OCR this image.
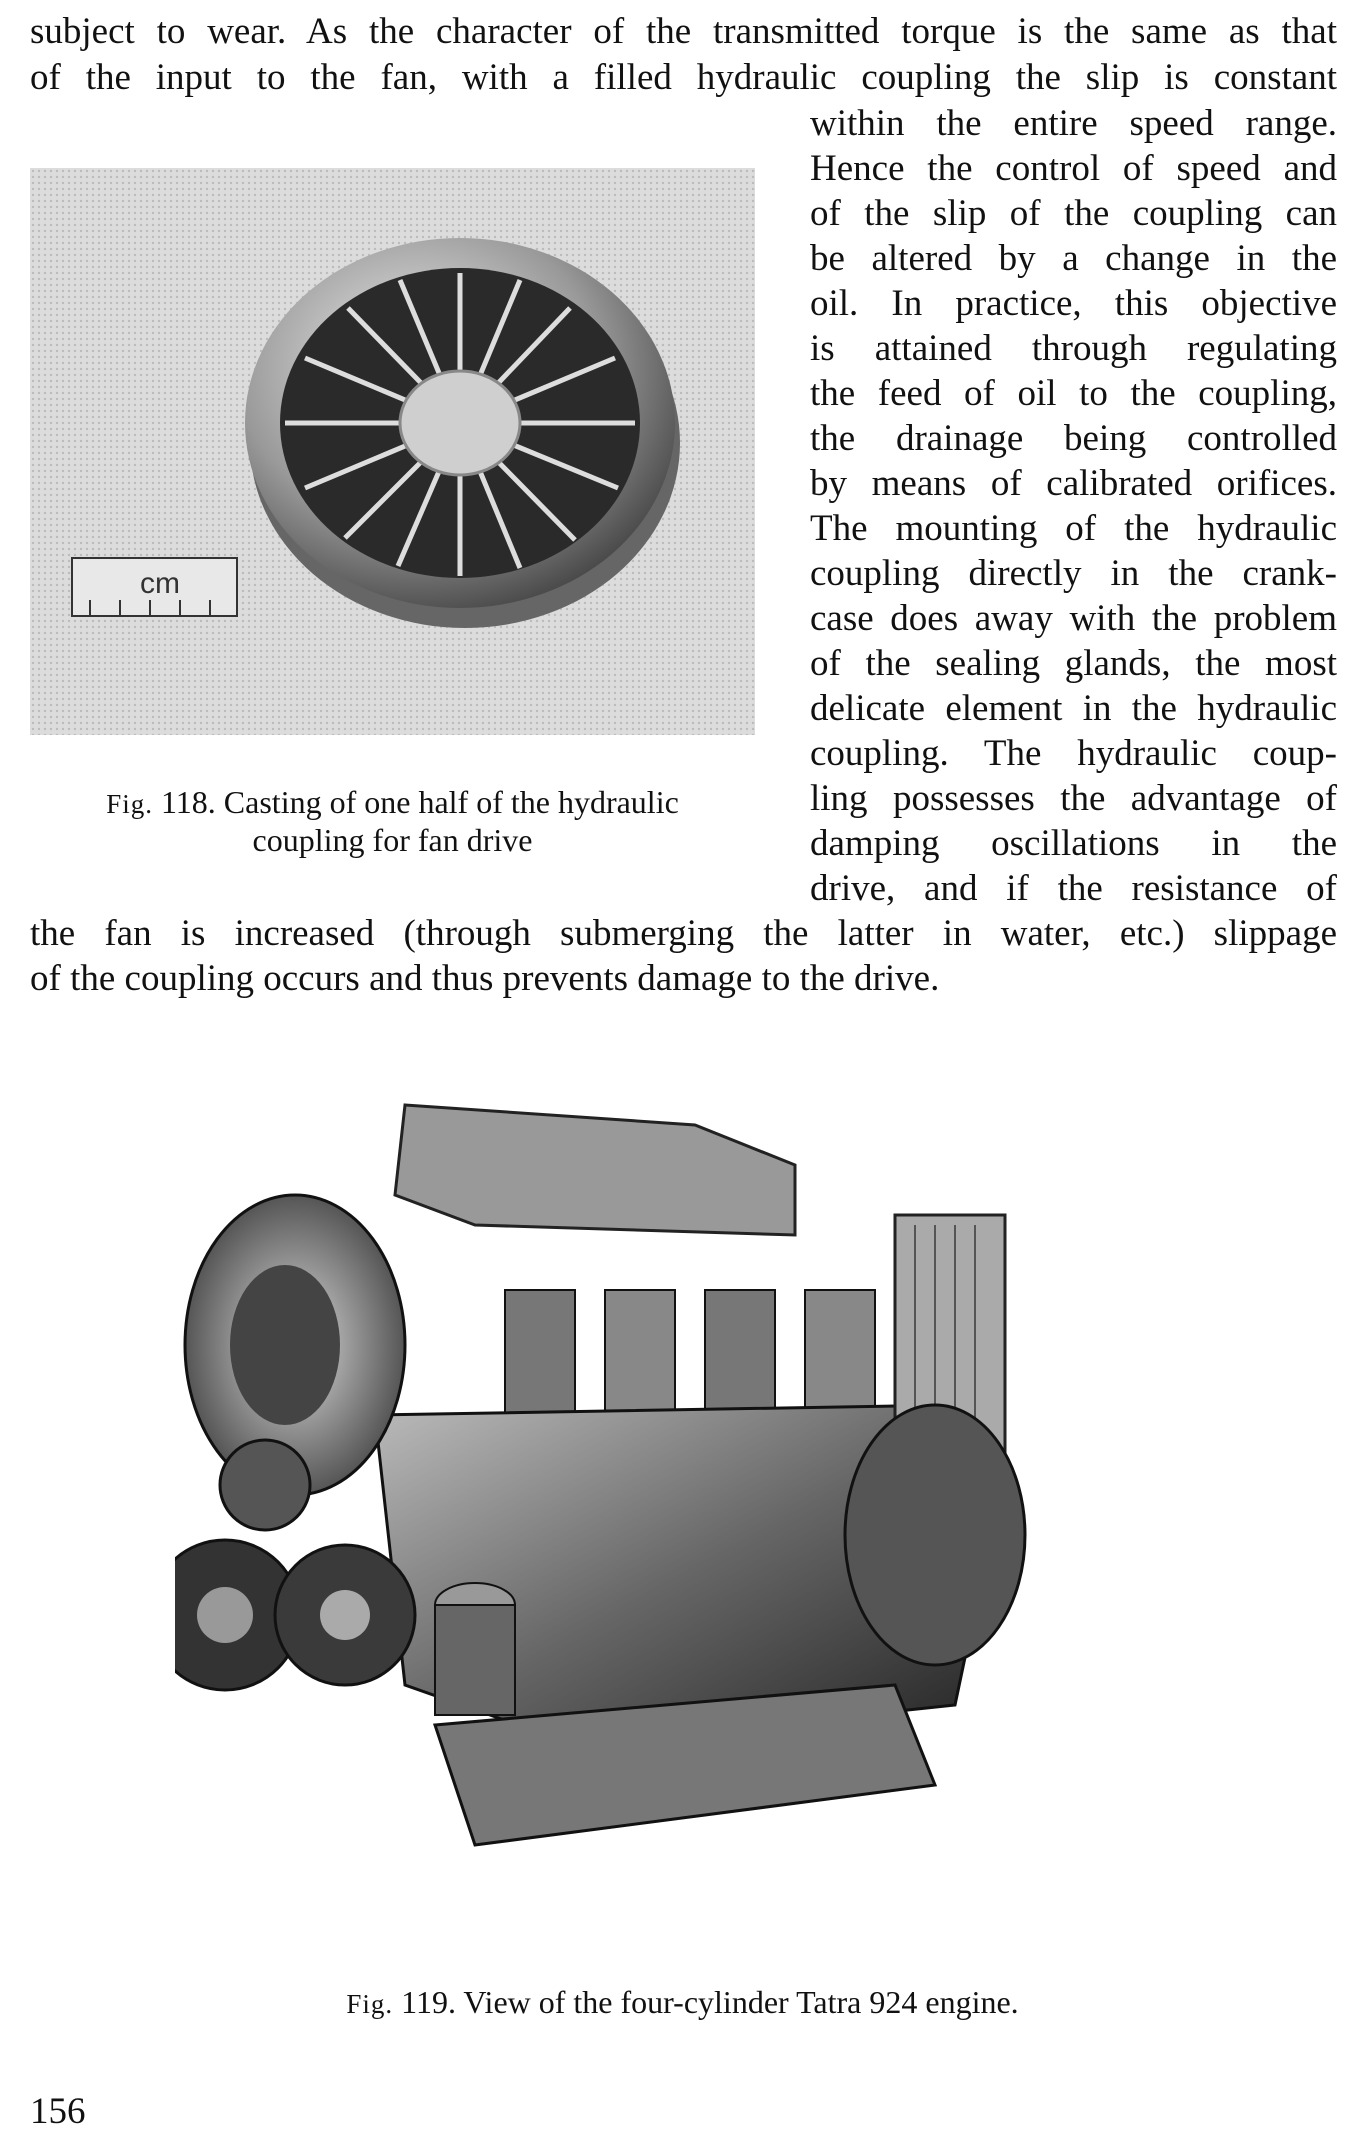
subject to wear. As the character of the transmitted torque is the same as that
of the input to the fan, with a filled hydraulic coupling the slip is constant
within the entire speed range.
Hence the control of speed and
of the slip of the coupling can
be altered by a change in the
oil. In practice, this objective
is attained through regulating
the feed of oil to the coupling,
the drainage being controlled
by means of calibrated orifices.
The mounting of the hydraulic
coupling directly in the crank-
case does away with the problem
of the sealing glands, the most
delicate element in the hydraulic
coupling. The hydraulic coup-
ling possesses the advantage of
damping oscillations in the
drive, and if the resistance of
cm
Fig. 118. Casting of one half of the hydraulic
coupling for fan drive
the fan is increased (through submerging the latter in water, etc.) slippage
of the coupling occurs and thus prevents damage to the drive.
Fig. 119. View of the four-cylinder Tatra 924 engine.
156
